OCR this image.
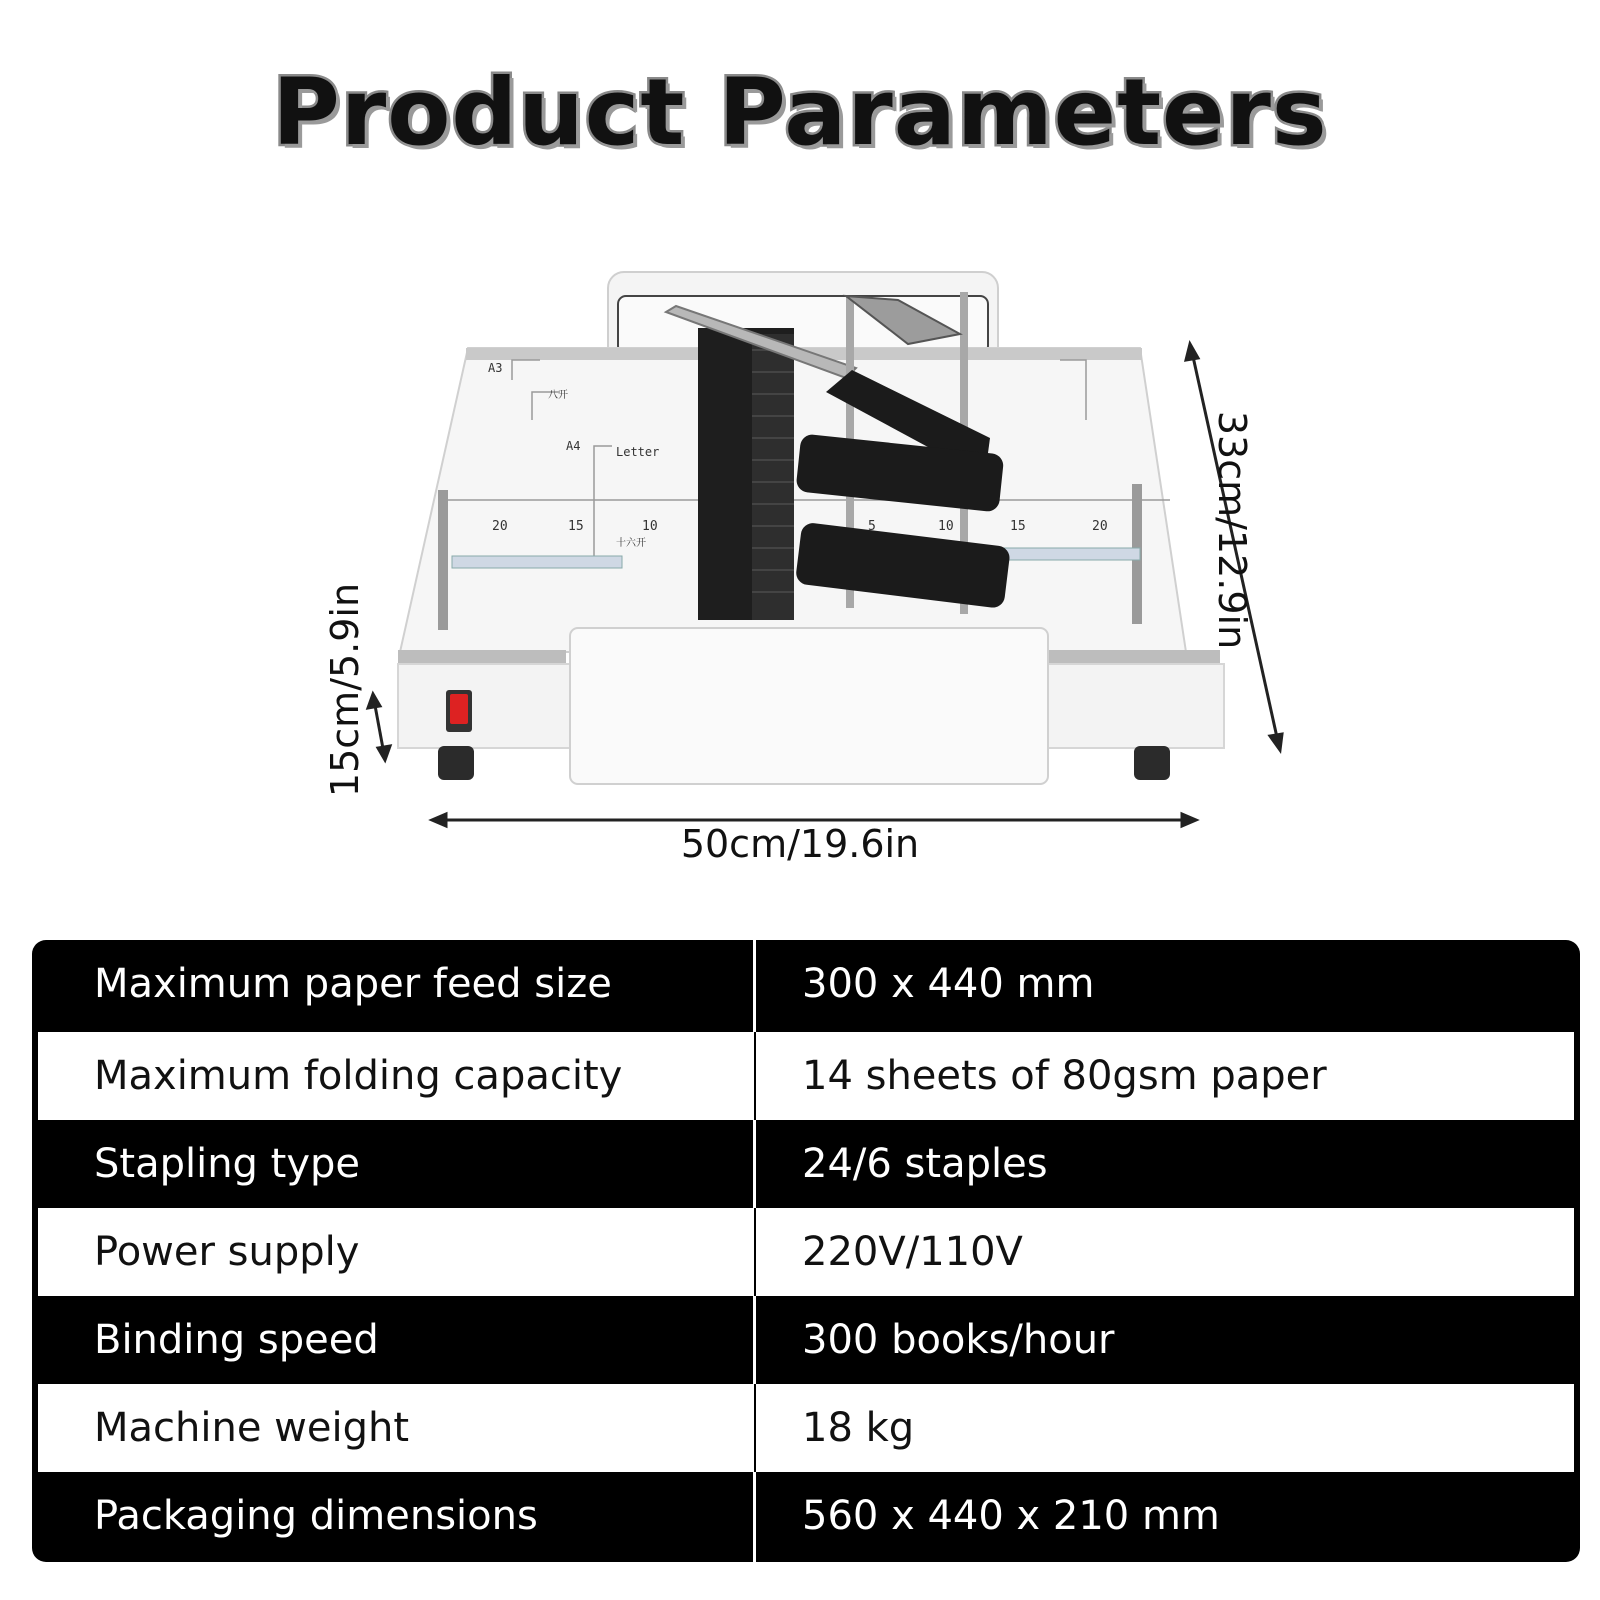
Product Parameters
A3
八开
A4	Letter
十六开
20	15	10	5	10	15	20
50cm/19.6in
15cm/5.9in
33cm/12.9in
Maximum paper feed size	300 x 440 mm
Maximum folding capacity	14 sheets of 80gsm paper
Stapling type	24/6 staples
Power supply	220V/110V
Binding speed	300 books/hour
Machine weight	18 kg
Packaging dimensions	560 x 440 x 210 mm
